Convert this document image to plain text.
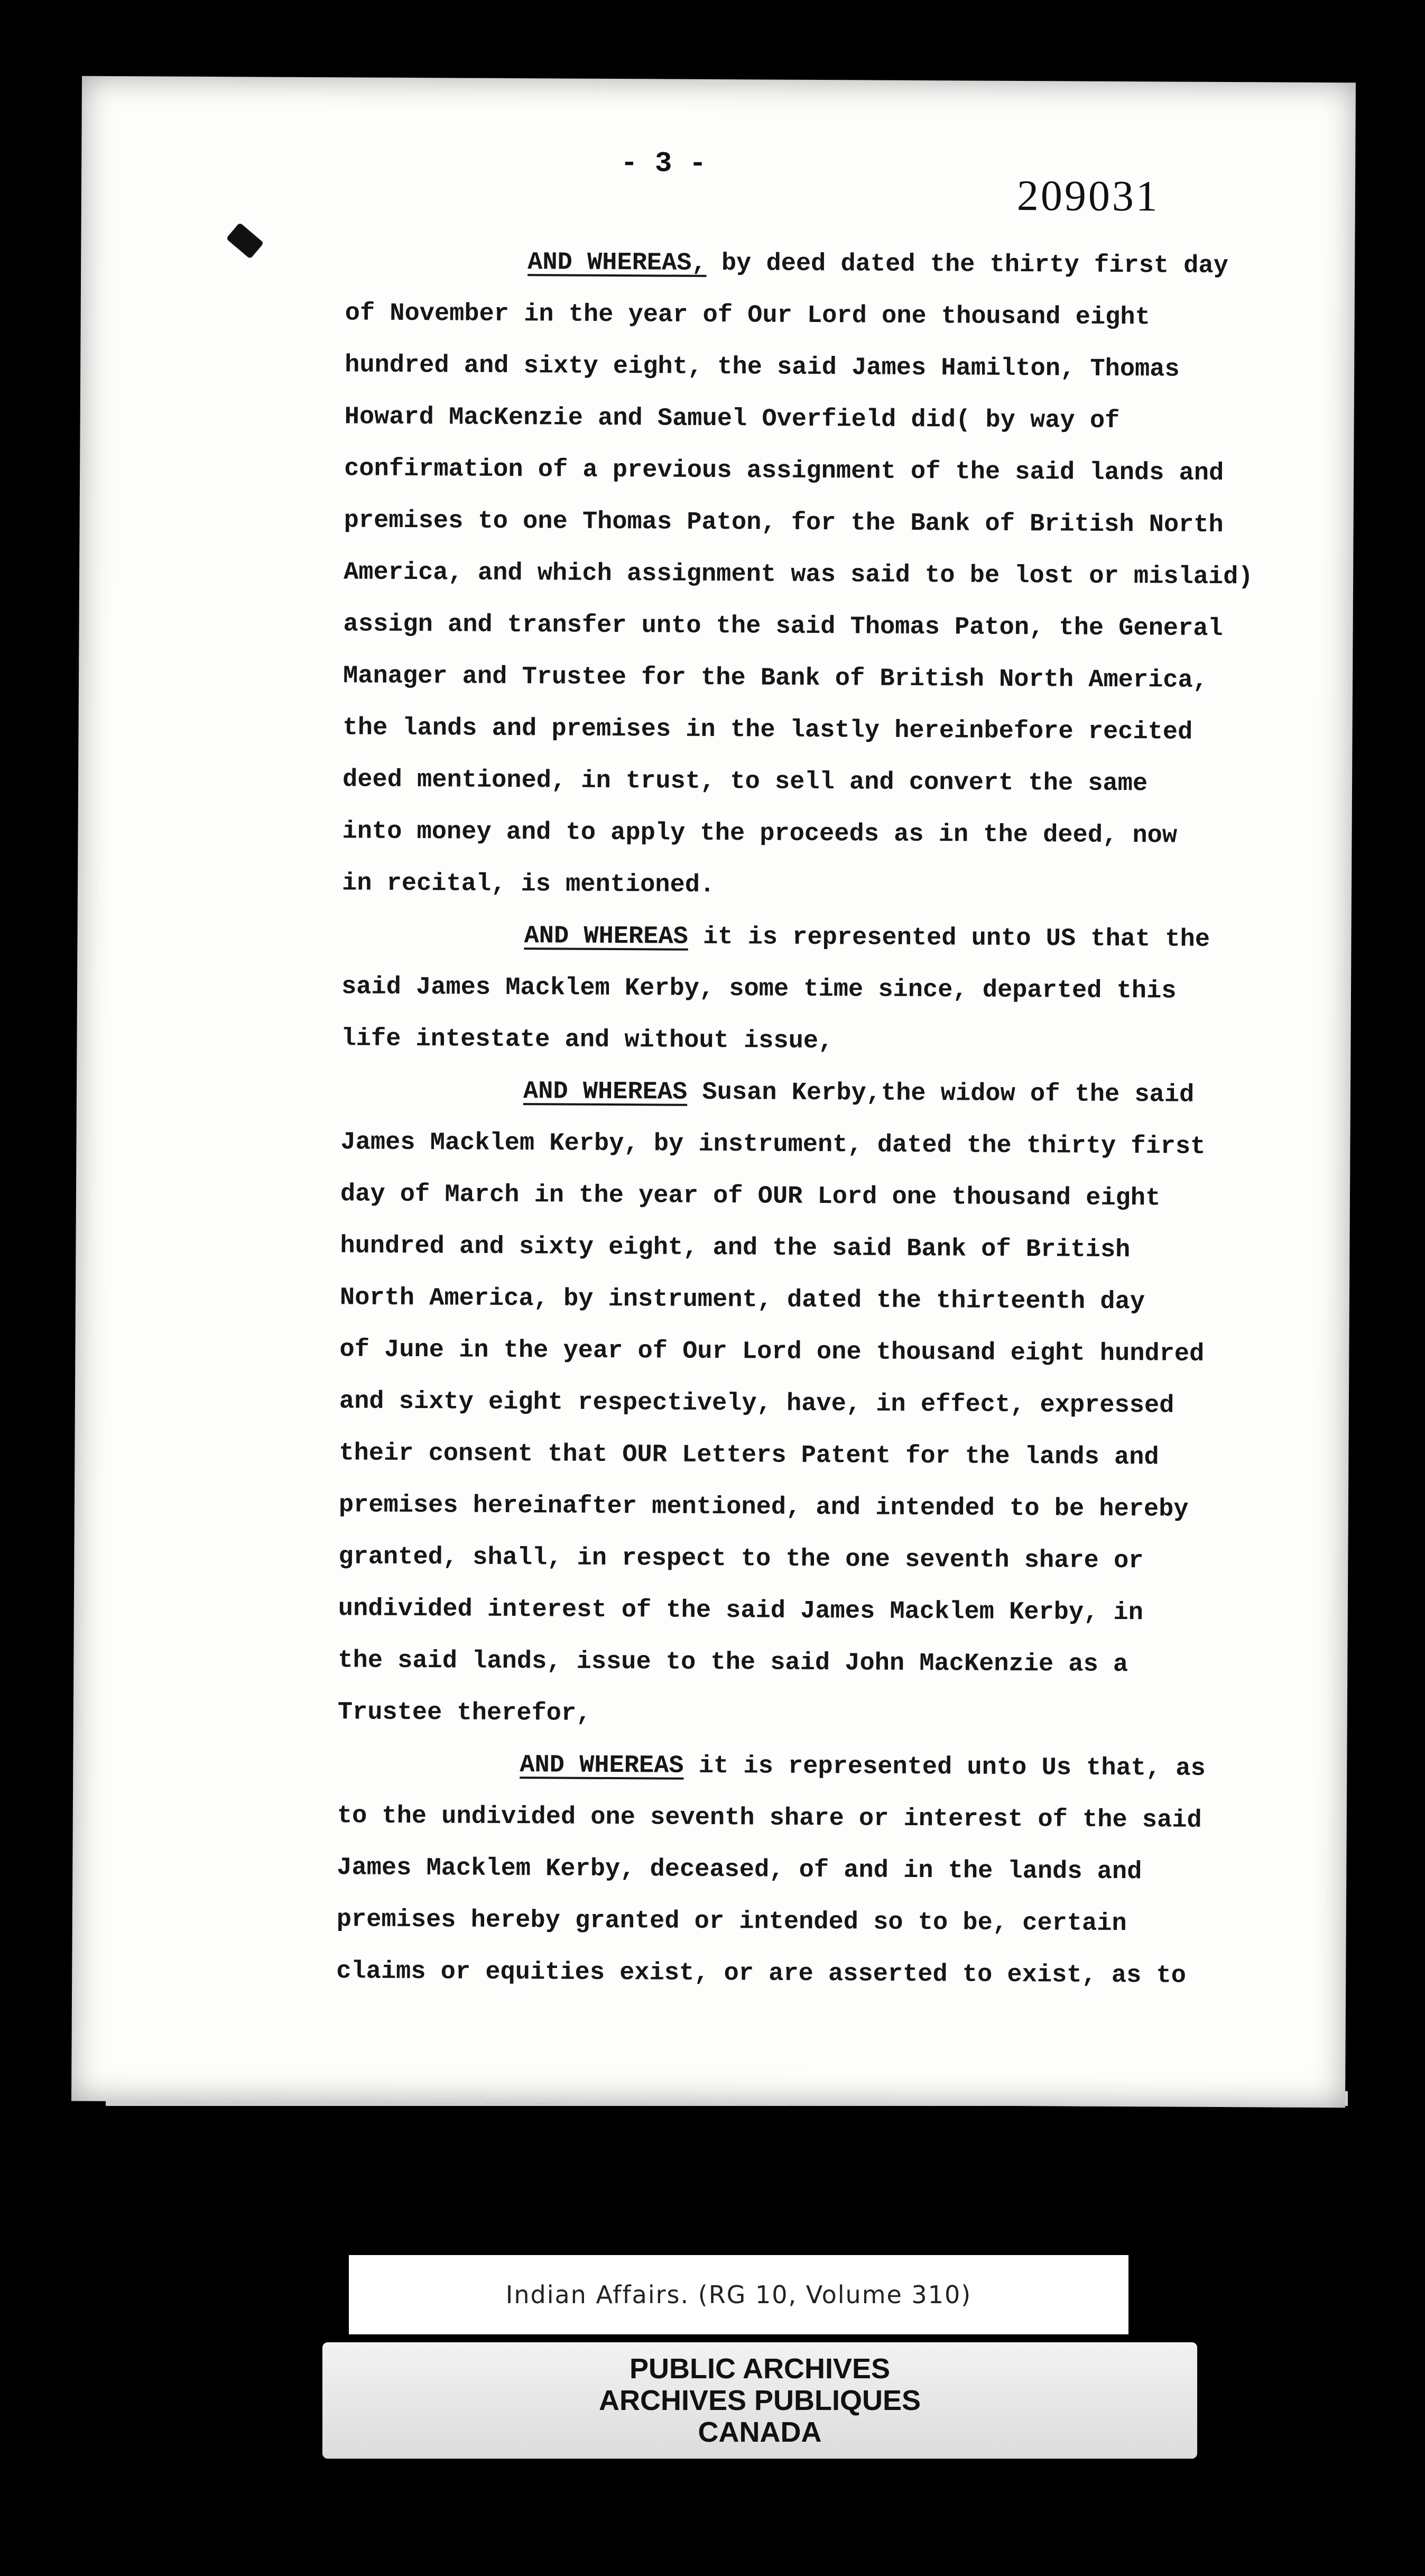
- 3 -
209031
AND WHEREAS, by deed dated the thirty first day
of November in the year of Our Lord one thousand eight
hundred and sixty eight, the said James Hamilton, Thomas
Howard MacKenzie and Samuel Overfield did( by way of
confirmation of a previous assignment of the said lands and
premises to one Thomas Paton, for the Bank of British North
America, and which assignment was said to be lost or mislaid)
assign and transfer unto the said Thomas Paton, the General
Manager and Trustee for the Bank of British North America,
the lands and premises in the lastly hereinbefore recited
deed mentioned, in trust, to sell and convert the same
into money and to apply the proceeds as in the deed, now
in recital, is mentioned.
AND WHEREAS it is represented unto US that the
said James Macklem Kerby, some time since, departed this
life intestate and without issue,
AND WHEREAS Susan Kerby,the widow of the said
James Macklem Kerby, by instrument, dated the thirty first
day of March in the year of OUR Lord one thousand eight
hundred and sixty eight, and the said Bank of British
North America, by instrument, dated the thirteenth day
of June in the year of Our Lord one thousand eight hundred
and sixty eight respectively, have, in effect, expressed
their consent that OUR Letters Patent for the lands and
premises hereinafter mentioned, and intended to be hereby
granted, shall, in respect to the one seventh share or
undivided interest of the said James Macklem Kerby, in
the said lands, issue to the said John MacKenzie as a
Trustee therefor,
AND WHEREAS it is represented unto Us that, as
to the undivided one seventh share or interest of the said
James Macklem Kerby, deceased, of and in the lands and
premises hereby granted or intended so to be, certain
claims or equities exist, or are asserted to exist, as to
Indian Affairs. (RG 10, Volume 310)
PUBLIC ARCHIVES
ARCHIVES PUBLIQUES
CANADA
